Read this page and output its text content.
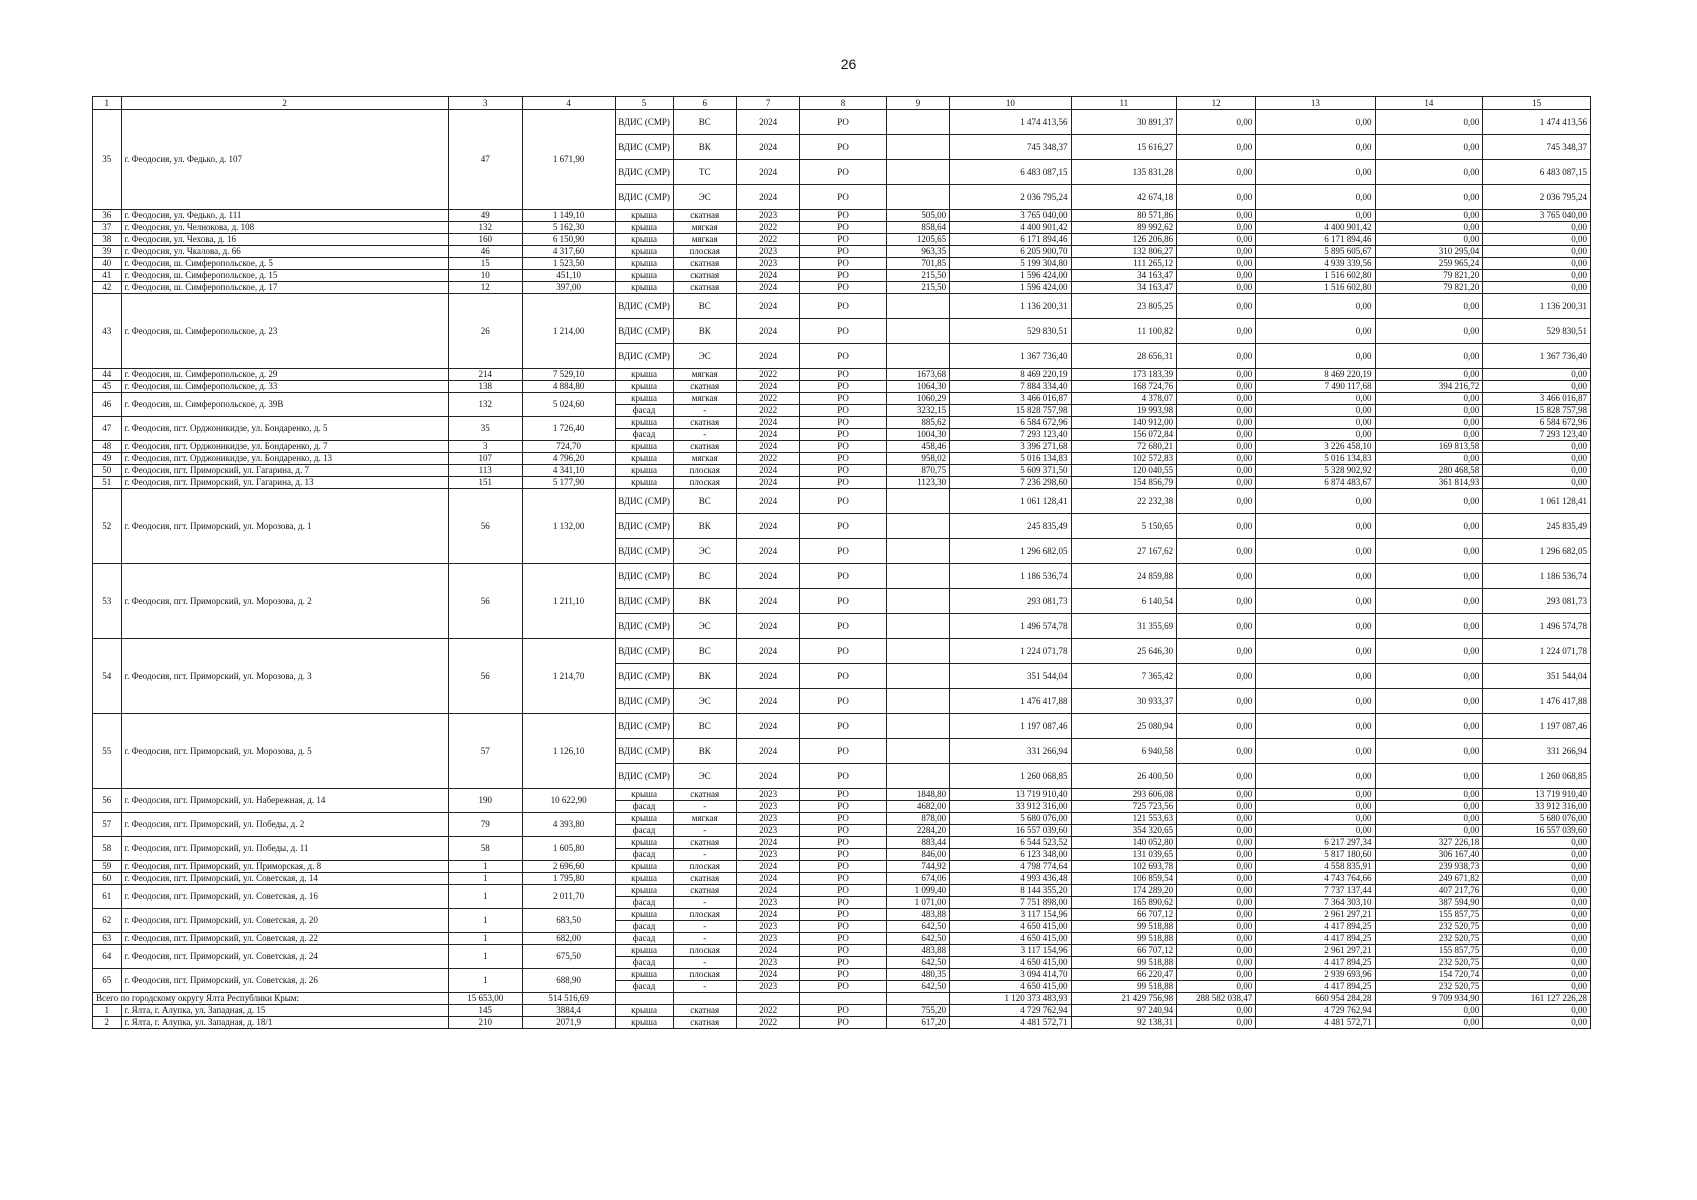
26
1	2	3	4	5	6	7	8	9	10	11	12	13	14	15
35	г. Феодосия, ул. Федько, д. 107	47	1 671,90	ВДИС (СМР)	ВС	2024	РО		1 474 413,56	30 891,37	0,00	0,00	0,00	1 474 413,56
				ВДИС (СМР)	ВК	2024	РО		745 348,37	15 616,27	0,00	0,00	0,00	745 348,37
				ВДИС (СМР)	ТС	2024	РО		6 483 087,15	135 831,28	0,00	0,00	0,00	6 483 087,15
				ВДИС (СМР)	ЭС	2024	РО		2 036 795,24	42 674,18	0,00	0,00	0,00	2 036 795,24
36	г. Феодосия, ул. Федько, д. 111	49	1 149,10	крыша	скатная	2023	РО	505,00	3 765 040,00	80 571,86	0,00	0,00	0,00	3 765 040,00
37	г. Феодосия, ул. Челнокова, д. 108	132	5 162,30	крыша	мягкая	2022	РО	858,64	4 400 901,42	89 992,62	0,00	4 400 901,42	0,00	0,00
38	г. Феодосия, ул. Чехова, д. 16	160	6 150,90	крыша	мягкая	2022	РО	1205,65	6 171 894,46	126 206,86	0,00	6 171 894,46	0,00	0,00
39	г. Феодосия, ул. Чкалова, д. 66	46	4 317,60	крыша	плоская	2023	РО	963,35	6 205 900,70	132 806,27	0,00	5 895 605,67	310 295,04	0,00
40	г. Феодосия, ш. Симферопольское, д. 5	15	1 523,50	крыша	скатная	2023	РО	701,85	5 199 304,80	111 265,12	0,00	4 939 339,56	259 965,24	0,00
41	г. Феодосия, ш. Симферопольское, д. 15	10	451,10	крыша	скатная	2024	РО	215,50	1 596 424,00	34 163,47	0,00	1 516 602,80	79 821,20	0,00
42	г. Феодосия, ш. Симферопольское, д. 17	12	397,00	крыша	скатная	2024	РО	215,50	1 596 424,00	34 163,47	0,00	1 516 602,80	79 821,20	0,00
43	г. Феодосия, ш. Симферопольское, д. 23	26	1 214,00	ВДИС (СМР)	ВС	2024	РО		1 136 200,31	23 805,25	0,00	0,00	0,00	1 136 200,31
				ВДИС (СМР)	ВК	2024	РО		529 830,51	11 100,82	0,00	0,00	0,00	529 830,51
				ВДИС (СМР)	ЭС	2024	РО		1 367 736,40	28 656,31	0,00	0,00	0,00	1 367 736,40
44	г. Феодосия, ш. Симферопольское, д. 29	214	7 529,10	крыша	мягкая	2022	РО	1673,68	8 469 220,19	173 183,39	0,00	8 469 220,19	0,00	0,00
45	г. Феодосия, ш. Симферопольское, д. 33	138	4 884,80	крыша	скатная	2024	РО	1064,30	7 884 334,40	168 724,76	0,00	7 490 117,68	394 216,72	0,00
46	г. Феодосия, ш. Симферопольское, д. 39В	132	5 024,60	крыша	мягкая	2022	РО	1060,29	3 466 016,87	4 378,07	0,00	0,00	0,00	3 466 016,87
				фасад	-	2022	РО	3232,15	15 828 757,98	19 993,98	0,00	0,00	0,00	15 828 757,98
47	г. Феодосия, пгт. Орджоникидзе, ул. Бондаренко, д. 5	35	1 726,40	крыша	скатная	2024	РО	885,62	6 584 672,96	140 912,00	0,00	0,00	0,00	6 584 672,96
				фасад	-	2024	РО	1004,30	7 293 123,40	156 072,84	0,00	0,00	0,00	7 293 123,40
48	г. Феодосия, пгт. Орджоникидзе, ул. Бондаренко, д. 7	3	724,70	крыша	скатная	2024	РО	458,46	3 396 271,68	72 680,21	0,00	3 226 458,10	169 813,58	0,00
49	г. Феодосия, пгт. Орджоникидзе, ул. Бондаренко, д. 13	107	4 796,20	крыша	мягкая	2022	РО	958,02	5 016 134,83	102 572,83	0,00	5 016 134,83	0,00	0,00
50	г. Феодосия, пгт. Приморский, ул. Гагарина, д. 7	113	4 341,10	крыша	плоская	2024	РО	870,75	5 609 371,50	120 040,55	0,00	5 328 902,92	280 468,58	0,00
51	г. Феодосия, пгт. Приморский, ул. Гагарина, д. 13	151	5 177,90	крыша	плоская	2024	РО	1123,30	7 236 298,60	154 856,79	0,00	6 874 483,67	361 814,93	0,00
52	г. Феодосия, пгт. Приморский, ул. Морозова, д. 1	56	1 132,00	ВДИС (СМР)	ВС	2024	РО		1 061 128,41	22 232,38	0,00	0,00	0,00	1 061 128,41
				ВДИС (СМР)	ВК	2024	РО		245 835,49	5 150,65	0,00	0,00	0,00	245 835,49
				ВДИС (СМР)	ЭС	2024	РО		1 296 682,05	27 167,62	0,00	0,00	0,00	1 296 682,05
53	г. Феодосия, пгт. Приморский, ул. Морозова, д. 2	56	1 211,10	ВДИС (СМР)	ВС	2024	РО		1 186 536,74	24 859,88	0,00	0,00	0,00	1 186 536,74
				ВДИС (СМР)	ВК	2024	РО		293 081,73	6 140,54	0,00	0,00	0,00	293 081,73
				ВДИС (СМР)	ЭС	2024	РО		1 496 574,78	31 355,69	0,00	0,00	0,00	1 496 574,78
54	г. Феодосия, пгт. Приморский, ул. Морозова, д. 3	56	1 214,70	ВДИС (СМР)	ВС	2024	РО		1 224 071,78	25 646,30	0,00	0,00	0,00	1 224 071,78
				ВДИС (СМР)	ВК	2024	РО		351 544,04	7 365,42	0,00	0,00	0,00	351 544,04
				ВДИС (СМР)	ЭС	2024	РО		1 476 417,88	30 933,37	0,00	0,00	0,00	1 476 417,88
55	г. Феодосия, пгт. Приморский, ул. Морозова, д. 5	57	1 126,10	ВДИС (СМР)	ВС	2024	РО		1 197 087,46	25 080,94	0,00	0,00	0,00	1 197 087,46
				ВДИС (СМР)	ВК	2024	РО		331 266,94	6 940,58	0,00	0,00	0,00	331 266,94
				ВДИС (СМР)	ЭС	2024	РО		1 260 068,85	26 400,50	0,00	0,00	0,00	1 260 068,85
56	г. Феодосия, пгт. Приморский, ул. Набережная, д. 14	190	10 622,90	крыша	скатная	2023	РО	1848,80	13 719 910,40	293 606,08	0,00	0,00	0,00	13 719 910,40
				фасад	-	2023	РО	4682,00	33 912 316,00	725 723,56	0,00	0,00	0,00	33 912 316,00
57	г. Феодосия, пгт. Приморский, ул. Победы, д. 2	79	4 393,80	крыша	мягкая	2023	РО	878,00	5 680 076,00	121 553,63	0,00	0,00	0,00	5 680 076,00
				фасад	-	2023	РО	2284,20	16 557 039,60	354 320,65	0,00	0,00	0,00	16 557 039,60
58	г. Феодосия, пгт. Приморский, ул. Победы, д. 11	58	1 605,80	крыша	скатная	2024	РО	883,44	6 544 523,52	140 052,80	0,00	6 217 297,34	327 226,18	0,00
				фасад	-	2023	РО	846,00	6 123 348,00	131 039,65	0,00	5 817 180,60	306 167,40	0,00
59	г. Феодосия, пгт. Приморский, ул. Приморская, д. 8	1	2 696,60	крыша	плоская	2024	РО	744,92	4 798 774,64	102 693,78	0,00	4 558 835,91	239 938,73	0,00
60	г. Феодосия, пгт. Приморский, ул. Советская, д. 14	1	1 795,80	крыша	скатная	2024	РО	674,06	4 993 436,48	106 859,54	0,00	4 743 764,66	249 671,82	0,00
61	г. Феодосия, пгт. Приморский, ул. Советская, д. 16	1	2 011,70	крыша	скатная	2024	РО	1 099,40	8 144 355,20	174 289,20	0,00	7 737 137,44	407 217,76	0,00
				фасад	-	2023	РО	1 071,00	7 751 898,00	165 890,62	0,00	7 364 303,10	387 594,90	0,00
62	г. Феодосия, пгт. Приморский, ул. Советская, д. 20	1	683,50	крыша	плоская	2024	РО	483,88	3 117 154,96	66 707,12	0,00	2 961 297,21	155 857,75	0,00
				фасад	-	2023	РО	642,50	4 650 415,00	99 518,88	0,00	4 417 894,25	232 520,75	0,00
63	г. Феодосия, пгт. Приморский, ул. Советская, д. 22	1	682,00	фасад	-	2023	РО	642,50	4 650 415,00	99 518,88	0,00	4 417 894,25	232 520,75	0,00
64	г. Феодосия, пгт. Приморский, ул. Советская, д. 24	1	675,50	крыша	плоская	2024	РО	483,88	3 117 154,96	66 707,12	0,00	2 961 297,21	155 857,75	0,00
				фасад	-	2023	РО	642,50	4 650 415,00	99 518,88	0,00	4 417 894,25	232 520,75	0,00
65	г. Феодосия, пгт. Приморский, ул. Советская, д. 26	1	688,90	крыша	плоская	2024	РО	480,35	3 094 414,70	66 220,47	0,00	2 939 693,96	154 720,74	0,00
				фасад	-	2023	РО	642,50	4 650 415,00	99 518,88	0,00	4 417 894,25	232 520,75	0,00
Всего по городскому округу Ялта Республики Крым:		15 653,00	514 516,69						1 120 373 483,93	21 429 756,98	288 582 038,47	660 954 284,28	9 709 934,90	161 127 226,28
1	г. Ялта, г. Алупка, ул. Западная, д. 15	145	3884,4	крыша	скатная	2022	РО	755,20	4 729 762,94	97 240,94	0,00	4 729 762,94	0,00	0,00
2	г. Ялта, г. Алупка, ул. Западная, д. 18/1	210	2071,9	крыша	скатная	2022	РО	617,20	4 481 572,71	92 138,31	0,00	4 481 572,71	0,00	0,00
